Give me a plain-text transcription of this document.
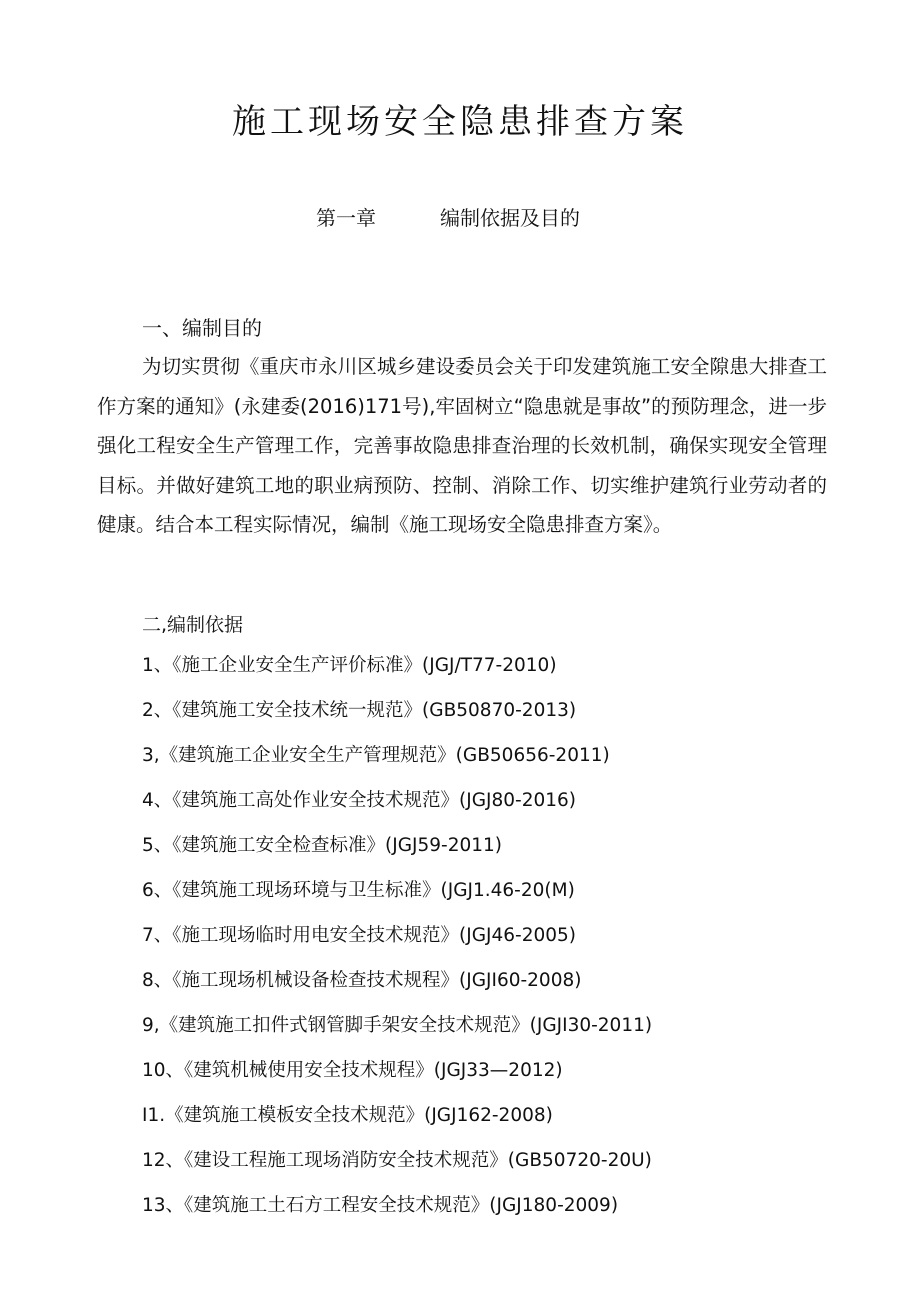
施工现场安全隐患排查方案
第一章	编制依据及目的
一、编制目的

为切实贯彻《重庆市永川区城乡建设委员会关于印发建筑施工安全隙患大排查工作方案的通知》(永建委(2016)171号),牢固树立“隐患就是事故”的预防理念，进一步强化工程安全生产管理工作，完善事故隐患排查治理的长效机制，确保实现安全管理目标。并做好建筑工地的职业病预防、控制、消除工作、切实维护建筑行业劳动者的健康。结合本工程实际情况，编制《施工现场安全隐患排查方案》。

二,编制依据
1、《施工企业安全生产评价标准》(JGJ/T77-2010)
2、《建筑施工安全技术统一规范》(GB50870-2013)
3,《建筑施工企业安全生产管理规范》(GB50656-2011)
4、《建筑施工高处作业安全技术规范》(JGJ80-2016)
5、《建筑施工安全检查标准》(JGJ59-2011)
6、《建筑施工现场环境与卫生标准》(JGJ1.46-20(M)
7、《施工现场临时用电安全技术规范》(JGJ46-2005)
8、《施工现场机械设备检查技术规程》(JGJI60-2008)
9,《建筑施工扣件式钢管脚手架安全技术规范》(JGJI30-2011)
10、《建筑机械使用安全技术规程》(JGJ33—2012)
I1.《建筑施工模板安全技术规范》(JGJ162-2008)
12、《建设工程施工现场消防安全技术规范》(GB50720-20U)
13、《建筑施工土石方工程安全技术规范》(JGJ180-2009)
